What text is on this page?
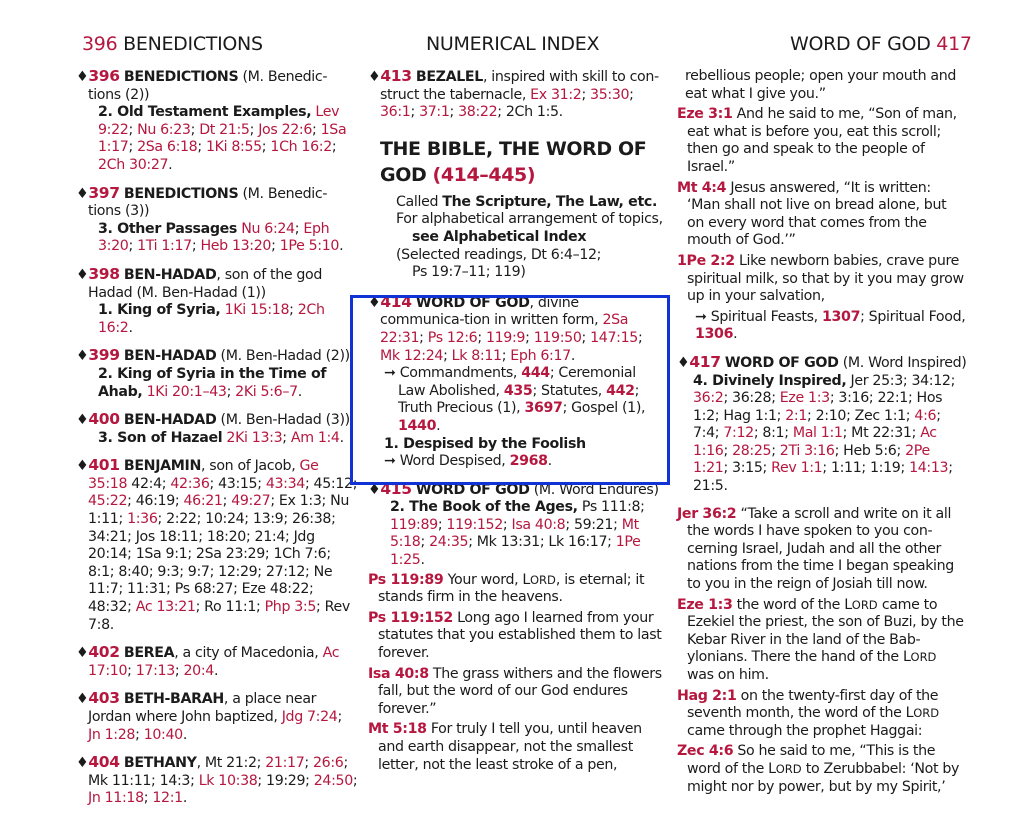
396 BENEDICTIONS	NUMERICAL INDEX	WORD OF GOD 417
♦396 BENEDICTIONS (M. Benedic-tions (2))
2. Old Testament Examples, Lev 9:22; Nu 6:23; Dt 21:5; Jos 22:6; 1Sa 1:17; 2Sa 6:18; 1Ki 8:55; 1Ch 16:2; 2Ch 30:27.
♦397 BENEDICTIONS (M. Benedic-tions (3))
3. Other Passages Nu 6:24; Eph 3:20; 1Ti 1:17; Heb 13:20; 1Pe 5:10.
♦398 BEN-HADAD, son of the god Hadad (M. Ben-Hadad (1))
1. King of Syria, 1Ki 15:18; 2Ch 16:2.
♦399 BEN-HADAD (M. Ben-Hadad (2))
2. King of Syria in the Time of Ahab, 1Ki 20:1–43; 2Ki 5:6–7.
♦400 BEN-HADAD (M. Ben-Hadad (3))
3. Son of Hazael 2Ki 13:3; Am 1:4.
♦401 BENJAMIN, son of Jacob, Ge 35:18 42:4; 42:36; 43:15; 43:34; 45:12; 45:22; 46:19; 46:21; 49:27; Ex 1:3; Nu 1:11; 1:36; 2:22; 10:24; 13:9; 26:38; 34:21; Jos 18:11; 18:20; 21:4; Jdg 20:14; 1Sa 9:1; 2Sa 23:29; 1Ch 7:6; 8:1; 8:40; 9:3; 9:7; 12:29; 27:12; Ne 11:7; 11:31; Ps 68:27; Eze 48:22; 48:32; Ac 13:21; Ro 11:1; Php 3:5; Rev 7:8.
♦402 BEREA, a city of Macedonia, Ac 17:10; 17:13; 20:4.
♦403 BETH-BARAH, a place near Jordan where John baptized, Jdg 7:24; Jn 1:28; 10:40.
♦404 BETHANY, Mt 21:2; 21:17; 26:6; Mk 11:11; 14:3; Lk 10:38; 19:29; 24:50; Jn 11:18; 12:1.
♦413 BEZALEL, inspired with skill to con-struct the tabernacle, Ex 31:2; 35:30; 36:1; 37:1; 38:22; 2Ch 1:5.
THE BIBLE, THE WORD OF
GOD (414–445)
Called The Scripture, The Law, etc.
For alphabetical arrangement of topics,
see Alphabetical Index
(Selected readings, Dt 6:4–12;
Ps 19:7–11; 119)
♦414 WORD OF GOD, divine communica-tion in written form, 2Sa 22:31; Ps 12:6; 119:9; 119:50; 147:15; Mk 12:24; Lk 8:11; Eph 6:17.
➞ Commandments, 444; Ceremonial Law Abolished, 435; Statutes, 442; Truth Precious (1), 3697; Gospel (1), 1440.
1. Despised by the Foolish
➞ Word Despised, 2968.
♦415 WORD OF GOD (M. Word Endures)
2. The Book of the Ages, Ps 111:8; 119:89; 119:152; Isa 40:8; 59:21; Mt 5:18; 24:35; Mk 13:31; Lk 16:17; 1Pe 1:25.
Ps 119:89 Your word, LORD, is eternal; it stands firm in the heavens.
Ps 119:152 Long ago I learned from your statutes that you established them to last forever.
Isa 40:8 The grass withers and the flowers fall, but the word of our God endures forever.”
Mt 5:18 For truly I tell you, until heaven and earth disappear, not the smallest letter, not the least stroke of a pen,
rebellious people; open your mouth and eat what I give you.”
Eze 3:1 And he said to me, “Son of man, eat what is before you, eat this scroll; then go and speak to the people of Israel.”
Mt 4:4 Jesus answered, “It is written: ‘Man shall not live on bread alone, but on every word that comes from the mouth of God.’”
1Pe 2:2 Like newborn babies, crave pure spiritual milk, so that by it you may grow up in your salvation,
➞ Spiritual Feasts, 1307; Spiritual Food, 1306.
♦417 WORD OF GOD (M. Word Inspired)
4. Divinely Inspired, Jer 25:3; 34:12; 36:2; 36:28; Eze 1:3; 3:16; 22:1; Hos 1:2; Hag 1:1; 2:1; 2:10; Zec 1:1; 4:6; 7:4; 7:12; 8:1; Mal 1:1; Mt 22:31; Ac 1:16; 28:25; 2Ti 3:16; Heb 5:6; 2Pe 1:21; 3:15; Rev 1:1; 1:11; 1:19; 14:13; 21:5.
Jer 36:2 “Take a scroll and write on it all the words I have spoken to you con-cerning Israel, Judah and all the other nations from the time I began speaking to you in the reign of Josiah till now.
Eze 1:3 the word of the LORD came to Ezekiel the priest, the son of Buzi, by the Kebar River in the land of the Bab-ylonians. There the hand of the LORD was on him.
Hag 2:1 on the twenty-first day of the seventh month, the word of the LORD came through the prophet Haggai:
Zec 4:6 So he said to me, “This is the word of the LORD to Zerubbabel: ‘Not by might nor by power, but by my Spirit,’
